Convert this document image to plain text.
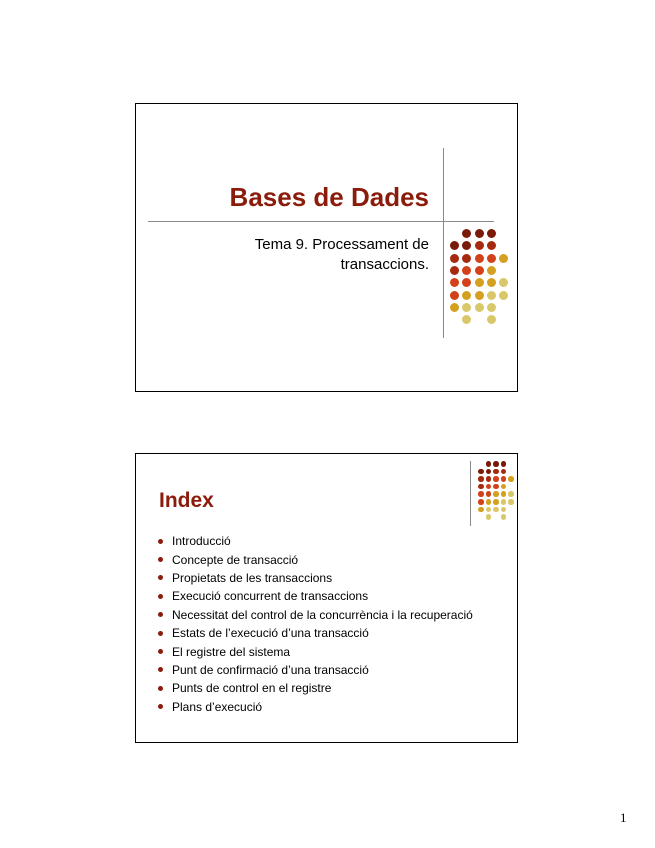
Bases de Dades
Tema 9. Processament de
transaccions.
Index
Introducció
Concepte de transacció
Propietats de les transaccions
Execució concurrent de transaccions
Necessitat del control de la concurrència i la recuperació
Estats de l’execució d’una transacció
El registre del sistema
Punt de confirmació d’una transacció
Punts de control en el registre
Plans d’execució
1
